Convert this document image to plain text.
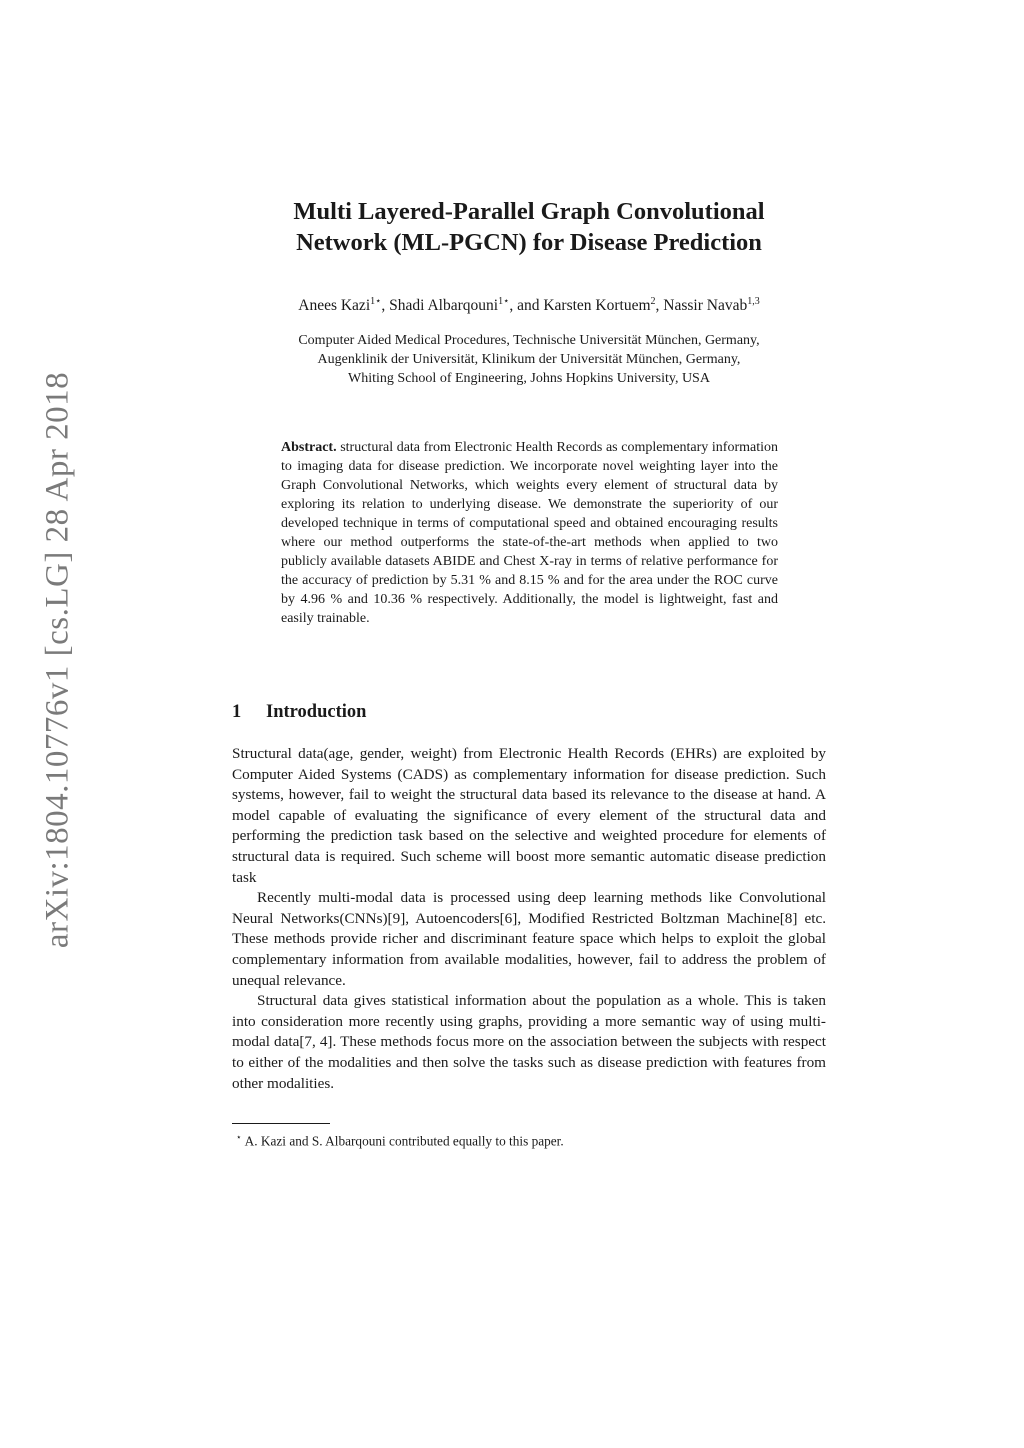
arXiv:1804.10776v1 [cs.LG] 28 Apr 2018
Multi Layered-Parallel Graph Convolutional
Network (ML-PGCN) for Disease Prediction
Anees Kazi$^{1⋆}$, Shadi Albarqouni$^{1⋆}$, and Karsten Kortuem$^2$, Nassir Navab$^{1,3}$
Computer Aided Medical Procedures, Technische Universität München, Germany,
Augenklinik der Universität, Klinikum der Universität München, Germany,
Whiting School of Engineering, Johns Hopkins University, USA

Abstract. structural data from Electronic Health Records as complementary information to imaging data for disease prediction. We incorporate novel weighting layer into the Graph Convolutional Networks, which weights every element of structural data by exploring its relation to underlying disease. We demonstrate the superiority of our developed technique in terms of computational speed and obtained encouraging results where our method outperforms the state-of-the-art methods when applied to two publicly available datasets ABIDE and Chest X-ray in terms of relative performance for the accuracy of prediction by 5.31 % and 8.15 % and for the area under the ROC curve by 4.96 % and 10.36 % respectively. Additionally, the model is lightweight, fast and easily trainable.

1 Introduction

Structural data(age, gender, weight) from Electronic Health Records (EHRs) are exploited by Computer Aided Systems (CADS) as complementary information for disease prediction. Such systems, however, fail to weight the structural data based its relevance to the disease at hand. A model capable of evaluating the significance of every element of the structural data and performing the prediction task based on the selective and weighted procedure for elements of structural data is required. Such scheme will boost more semantic automatic disease prediction task

Recently multi-modal data is processed using deep learning methods like Convolutional Neural Networks(CNNs)[9], Autoencoders[6], Modified Restricted Boltzman Machine[8] etc. These methods provide richer and discriminant feature space which helps to exploit the global complementary information from available modalities, however, fail to address the problem of unequal relevance.

Structural data gives statistical information about the population as a whole. This is taken into consideration more recently using graphs, providing a more semantic way of using multi-modal data[7, 4]. These methods focus more on the association between the subjects with respect to either of the modalities and then solve the tasks such as disease prediction with features from other modalities.

⋆ A. Kazi and S. Albarqouni contributed equally to this paper.
